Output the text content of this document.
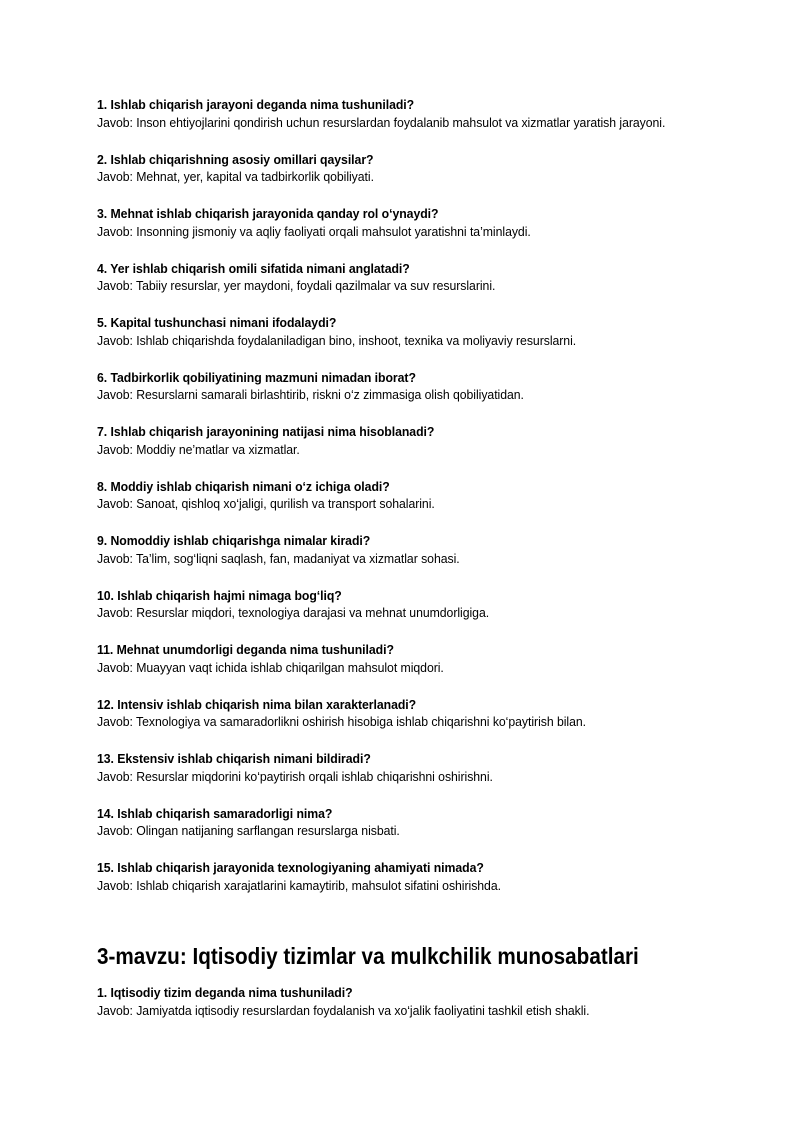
1. Ishlab chiqarish jarayoni deganda nima tushuniladi?
Javob: Inson ehtiyojlarini qondirish uchun resurslardan foydalanib mahsulot va xizmatlar yaratish jarayoni.
2. Ishlab chiqarishning asosiy omillari qaysilar?
Javob: Mehnat, yer, kapital va tadbirkorlik qobiliyati.
3. Mehnat ishlab chiqarish jarayonida qanday rol o‘ynaydi?
Javob: Insonning jismoniy va aqliy faoliyati orqali mahsulot yaratishni ta’minlaydi.
4. Yer ishlab chiqarish omili sifatida nimani anglatadi?
Javob: Tabiiy resurslar, yer maydoni, foydali qazilmalar va suv resurslarini.
5. Kapital tushunchasi nimani ifodalaydi?
Javob: Ishlab chiqarishda foydalaniladigan bino, inshoot, texnika va moliyaviy resurslarni.
6. Tadbirkorlik qobiliyatining mazmuni nimadan iborat?
Javob: Resurslarni samarali birlashtirib, riskni o‘z zimmasiga olish qobiliyatidan.
7. Ishlab chiqarish jarayonining natijasi nima hisoblanadi?
Javob: Moddiy ne’matlar va xizmatlar.
8. Moddiy ishlab chiqarish nimani o‘z ichiga oladi?
Javob: Sanoat, qishloq xo‘jaligi, qurilish va transport sohalarini.
9. Nomoddiy ishlab chiqarishga nimalar kiradi?
Javob: Ta’lim, sog‘liqni saqlash, fan, madaniyat va xizmatlar sohasi.
10. Ishlab chiqarish hajmi nimaga bog‘liq?
Javob: Resurslar miqdori, texnologiya darajasi va mehnat unumdorligiga.
11. Mehnat unumdorligi deganda nima tushuniladi?
Javob: Muayyan vaqt ichida ishlab chiqarilgan mahsulot miqdori.
12. Intensiv ishlab chiqarish nima bilan xarakterlanadi?
Javob: Texnologiya va samaradorlikni oshirish hisobiga ishlab chiqarishni ko‘paytirish bilan.
13. Ekstensiv ishlab chiqarish nimani bildiradi?
Javob: Resurslar miqdorini ko‘paytirish orqali ishlab chiqarishni oshirishni.
14. Ishlab chiqarish samaradorligi nima?
Javob: Olingan natijaning sarflangan resurslarga nisbati.
15. Ishlab chiqarish jarayonida texnologiyaning ahamiyati nimada?
Javob: Ishlab chiqarish xarajatlarini kamaytirib, mahsulot sifatini oshirishda.
3-mavzu: Iqtisodiy tizimlar va mulkchilik munosabatlari
1. Iqtisodiy tizim deganda nima tushuniladi?
Javob: Jamiyatda iqtisodiy resurslardan foydalanish va xo‘jalik faoliyatini tashkil etish shakli.
